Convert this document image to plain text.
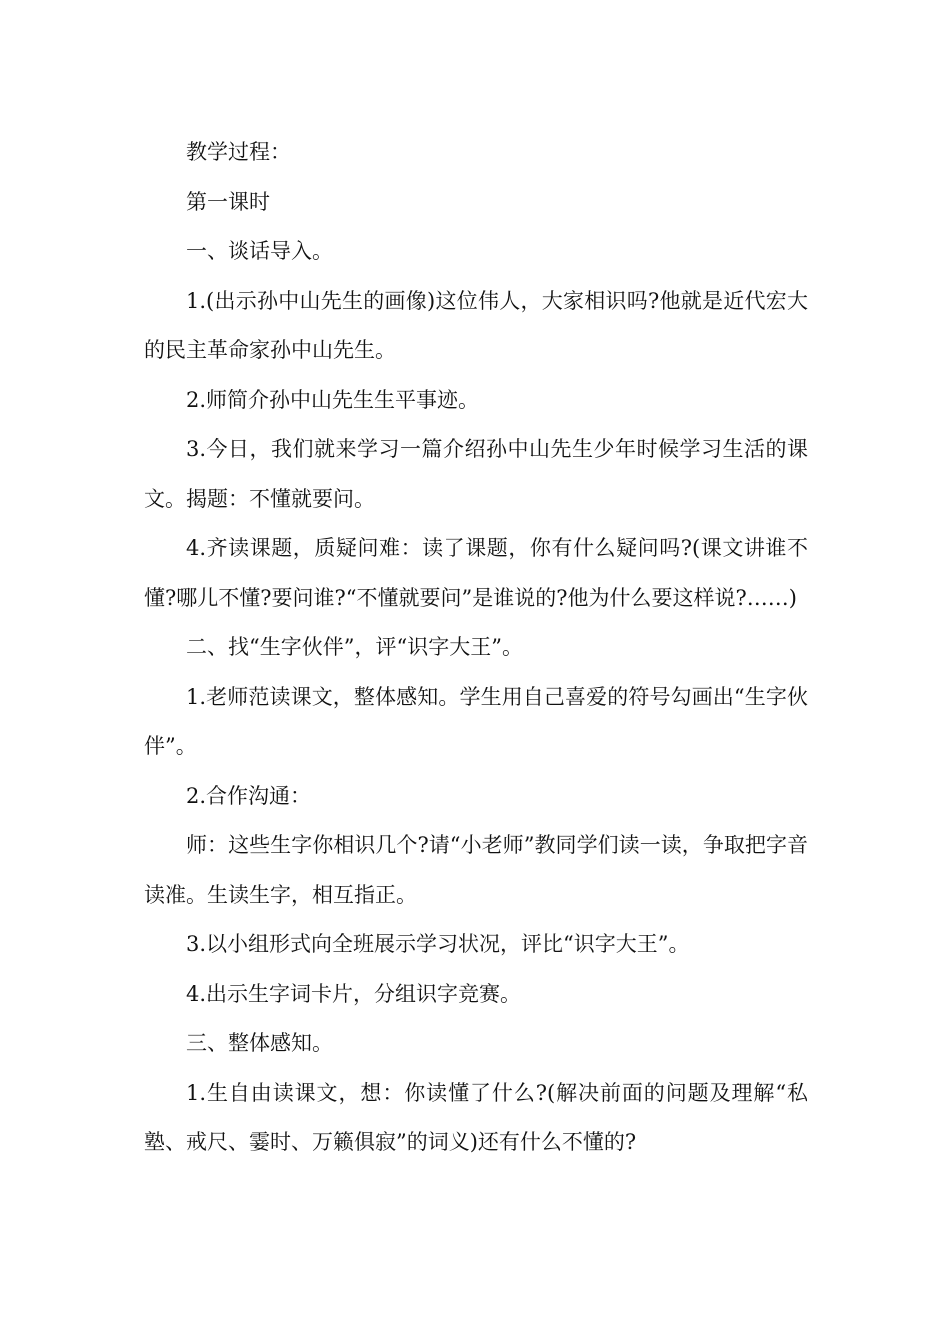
教学过程：

第一课时

一、谈话导入。

1.(出示孙中山先生的画像)这位伟人，大家相识吗?他就是近代宏大的民主革命家孙中山先生。

2.师简介孙中山先生生平事迹。

3.今日，我们就来学习一篇介绍孙中山先生少年时候学习生活的课文。揭题：不懂就要问。

4.齐读课题，质疑问难：读了课题，你有什么疑问吗?(课文讲谁不懂?哪儿不懂?要问谁?“不懂就要问”是谁说的?他为什么要这样说?……)

二、找“生字伙伴”，评“识字大王”。

1.老师范读课文，整体感知。学生用自己喜爱的符号勾画出“生字伙伴”。

2.合作沟通：

师：这些生字你相识几个?请“小老师”教同学们读一读，争取把字音读准。生读生字，相互指正。

3.以小组形式向全班展示学习状况，评比“识字大王”。

4.出示生字词卡片，分组识字竞赛。

三、整体感知。

1.生自由读课文，想：你读懂了什么?(解决前面的问题及理解“私塾、戒尺、霎时、万籁俱寂”的词义)还有什么不懂的?
